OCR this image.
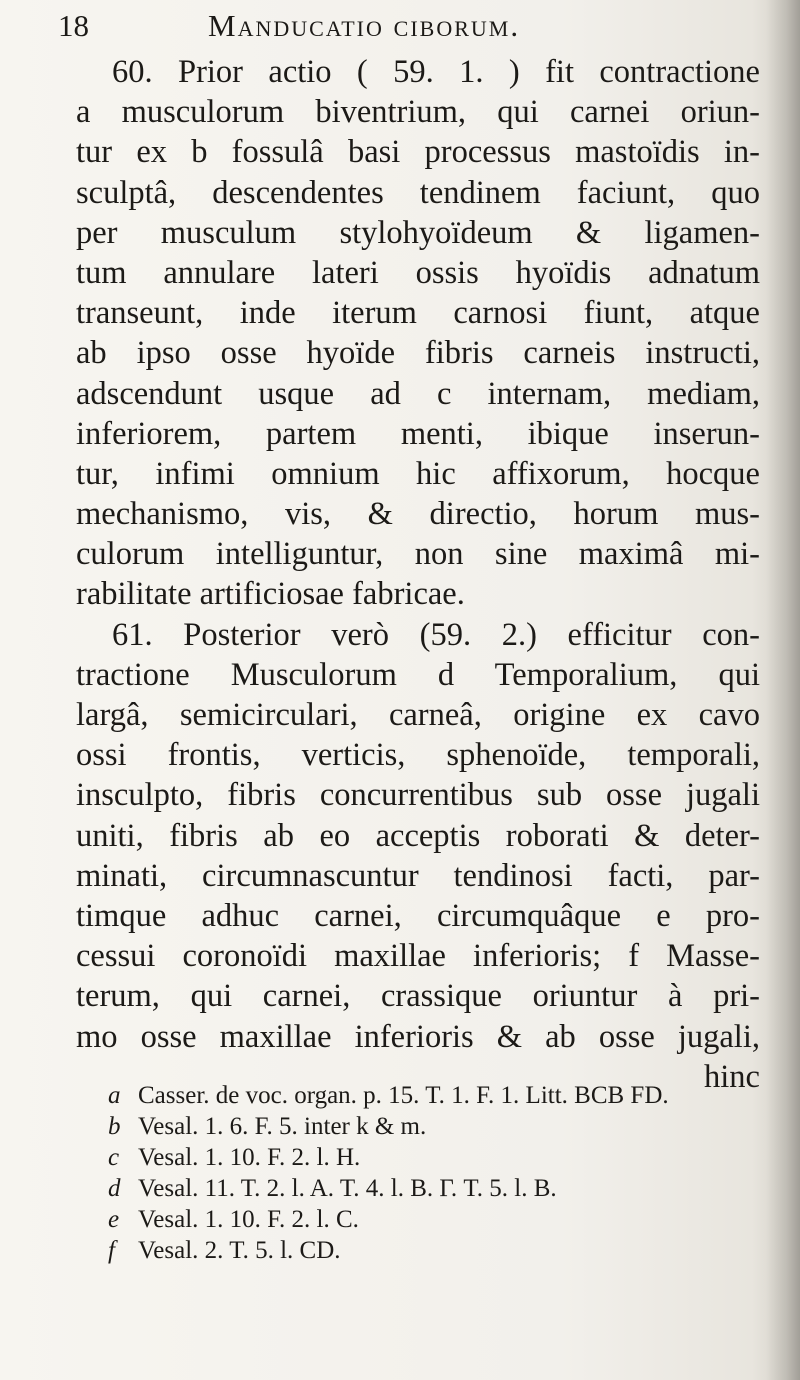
18	Manducatio ciborum.
60. Prior actio ( 59. 1. ) fit contractione
a musculorum biventrium, qui carnei oriun-
tur ex b fossulâ basi processus mastoïdis in-
sculptâ, descendentes tendinem faciunt, quo
per musculum stylohyoïdeum & ligamen-
tum annulare lateri ossis hyoïdis adnatum
transeunt, inde iterum carnosi fiunt, atque
ab ipso osse hyoïde fibris carneis instructi,
adscendunt usque ad c internam, mediam,
inferiorem, partem menti, ibique inserun-
tur, infimi omnium hic affixorum, hocque
mechanismo, vis, & directio, horum mus-
culorum intelliguntur, non sine maximâ mi-
rabilitate artificiosae fabricae.
61. Posterior verò (59. 2.) efficitur con-
tractione Musculorum d Temporalium, qui
largâ, semicirculari, carneâ, origine ex cavo
ossi frontis, verticis, sphenoïde, temporali,
insculpto, fibris concurrentibus sub osse jugali
uniti, fibris ab eo acceptis roborati & deter-
minati, circumnascuntur tendinosi facti, par-
timque adhuc carnei, circumquâque e pro-
cessui coronoïdi maxillae inferioris; f Masse-
terum, qui carnei, crassique oriuntur à pri-
mo osse maxillae inferioris & ab osse jugali,
hinc
a Casser. de voc. organ. p. 15. T. 1. F. 1. Litt. BCB FD.
b Vesal. 1. 6. F. 5. inter k & m.
c Vesal. 1. 10. F. 2. l. H.
d Vesal. 11. T. 2. l. A. T. 4. l. B. Γ. T. 5. l. B.
e Vesal. 1. 10. F. 2. l. C.
f Vesal. 2. T. 5. l. CD.
